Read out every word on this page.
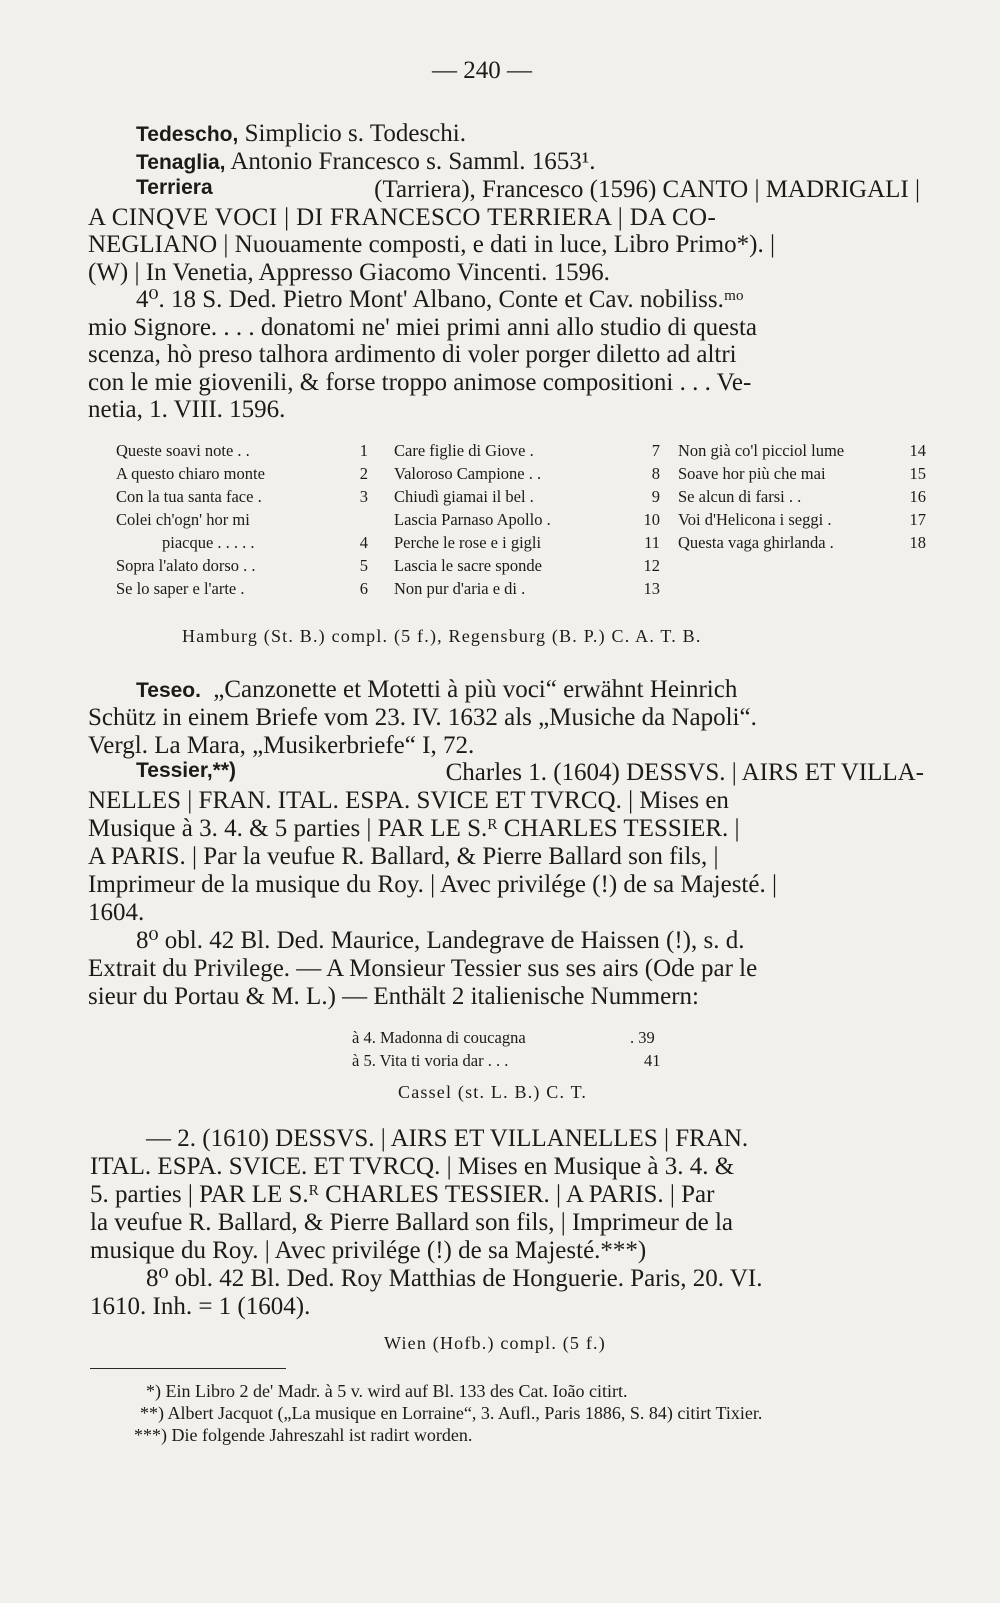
— 240 —
Tedescho, Simplicio s. Todeschi.
Tenaglia, Antonio Francesco s. Samml. 1653¹.
Terriera	(Tarriera), Francesco (1596) CANTO | MADRIGALI |
A CINQVE VOCI | DI FRANCESCO TERRIERA | DA CO-
NEGLIANO | Nuouamente composti, e dati in luce, Libro Primo*). |
(W) | In Venetia, Appresso Giacomo Vincenti. 1596.
4⁰. 18 S. Ded. Pietro Mont' Albano, Conte et Cav. nobiliss.ᵐᵒ
mio Signore. . . . donatomi ne' miei primi anni allo studio di questa
scenza, hò preso talhora ardimento di voler porger diletto ad altri
con le mie giovenili, & forse troppo animose compositioni . . . Ve-
netia, 1. VIII. 1596.
Queste soavi note . .	1
A questo chiaro monte	2
Con la tua santa face .	3
Colei ch'ogn' hor mi
piacque . . . . .	4
Sopra l'alato dorso . .	5
Se lo saper e l'arte .	6
Care figlie di Giove .	7
Valoroso Campione . .	8
Chiudì giamai il bel .	9
Lascia Parnaso Apollo .	10
Perche le rose e i gigli	11
Lascia le sacre sponde	12
Non pur d'aria e di .	13
Non già co'l picciol lume	14
Soave hor più che mai	15
Se alcun di farsi . .	16
Voi d'Helicona i seggi .	17
Questa vaga ghirlanda .	18
Hamburg (St. B.) compl. (5 f.), Regensburg (B. P.) C. A. T. B.
Teseo. „Canzonette et Motetti à più voci“ erwähnt Heinrich
Schütz in einem Briefe vom 23. IV. 1632 als „Musiche da Napoli“.
Vergl. La Mara, „Musikerbriefe“ I, 72.
Tessier,**)	Charles 1. (1604) DESSVS. | AIRS ET VILLA-
NELLES | FRAN. ITAL. ESPA. SVICE ET TVRCQ. | Mises en
Musique à 3. 4. & 5 parties | PAR LE S.ᴿ CHARLES TESSIER. |
A PARIS. | Par la veufue R. Ballard, & Pierre Ballard son fils, |
Imprimeur de la musique du Roy. | Avec privilége (!) de sa Majesté. |
1604.
8⁰ obl. 42 Bl. Ded. Maurice, Landegrave de Haissen (!), s. d.
Extrait du Privilege. — A Monsieur Tessier sus ses airs (Ode par le
sieur du Portau & M. L.) — Enthält 2 italienische Nummern:
à 4. Madonna di coucagna	. 39
à 5. Vita ti voria dar . . .	41
Cassel (st. L. B.) C. T.
— 2. (1610) DESSVS. | AIRS ET VILLANELLES | FRAN.
ITAL. ESPA. SVICE. ET TVRCQ. | Mises en Musique à 3. 4. &
5. parties | PAR LE S.ᴿ CHARLES TESSIER. | A PARIS. | Par
la veufue R. Ballard, & Pierre Ballard son fils, | Imprimeur de la
musique du Roy. | Avec privilége (!) de sa Majesté.***)
8⁰ obl. 42 Bl. Ded. Roy Matthias de Honguerie. Paris, 20. VI.
1610. Inh. = 1 (1604).
Wien (Hofb.) compl. (5 f.)
*) Ein Libro 2 de' Madr. à 5 v. wird auf Bl. 133 des Cat. Ioão citirt.
**) Albert Jacquot („La musique en Lorraine“, 3. Aufl., Paris 1886, S. 84) citirt Tixier.
***) Die folgende Jahreszahl ist radirt worden.
